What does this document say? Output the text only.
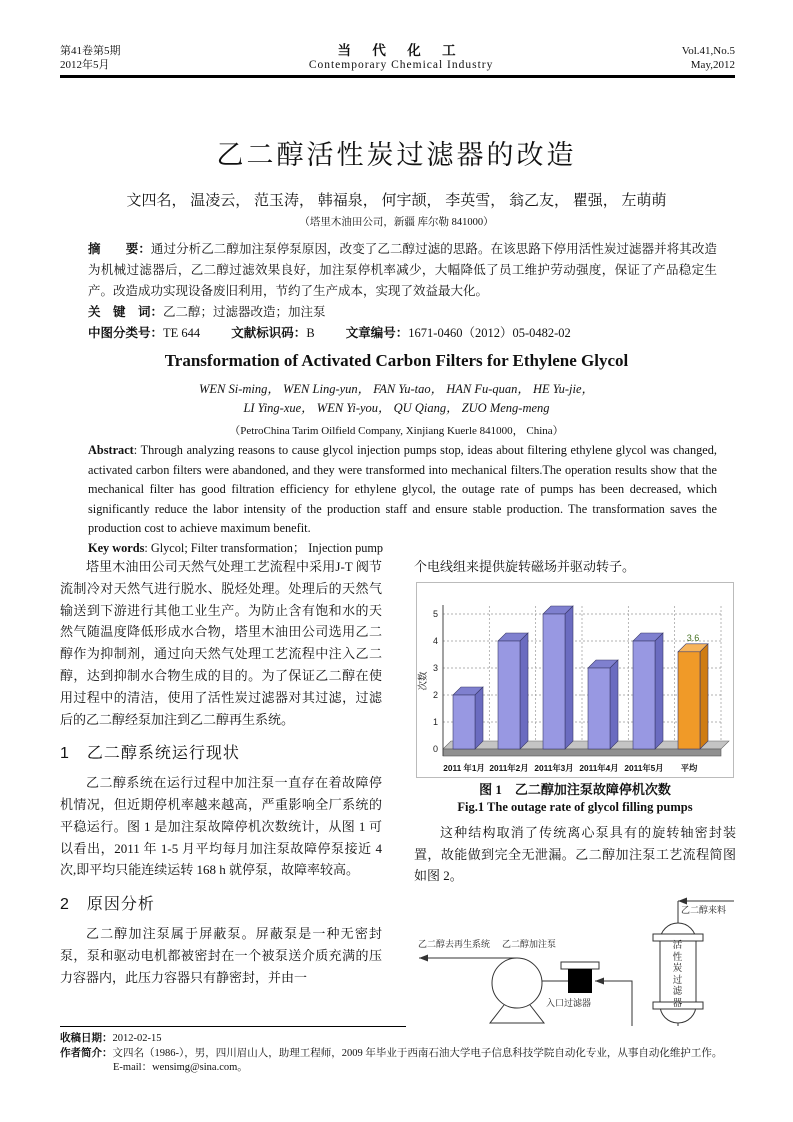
第41卷第5期
2012年5月
当 代 化 工
Contemporary Chemical Industry
Vol.41,No.5
May,2012
乙二醇活性炭过滤器的改造
文四名， 温凌云， 范玉涛， 韩福泉， 何宇颉， 李英雪， 翁乙友， 瞿强， 左萌萌
（塔里木油田公司，新疆 库尔勒 841000）

摘　　要：通过分析乙二醇加注泵停泵原因，改变了乙二醇过滤的思路。在该思路下停用活性炭过滤器并将其改造为机械过滤器后，乙二醇过滤效果良好，加注泵停机率减少，大幅降低了员工维护劳动强度，保证了产品稳定生产。改造成功实现设备废旧利用，节约了生产成本，实现了效益最大化。

关　键　词：乙二醇；过滤器改造；加注泵

中图分类号：TE 644 文献标识码：B 文章编号：1671-0460（2012）05-0482-02

Transformation of Activated Carbon Filters for Ethylene Glycol
WEN Si-ming， WEN Ling-yun， FAN Yu-tao， HAN Fu-quan， HE Yu-jie，
LI Ying-xue， WEN Yi-you， QU Qiang， ZUO Meng-meng
（PetroChina Tarim Oilfield Company, Xinjiang Kuerle 841000， China）

Abstract: Through analyzing reasons to cause glycol injection pumps stop, ideas about filtering ethylene glycol was changed, activated carbon filters were abandoned, and they were transformed into mechanical filters.The operation results show that the mechanical filter has good filtration efficiency for ethylene glycol, the outage rate of pumps has been decreased, which significantly reduce the labor intensity of the production staff and ensure stable production. The transformation saves the production cost to achieve maximum benefit.

Key words: Glycol; Filter transformation； Injection pump

塔里木油田公司天然气处理工艺流程中采用J-T 阀节流制冷对天然气进行脱水、脱烃处理。处理后的天然气输送到下游进行其他工业生产。为防止含有饱和水的天然气随温度降低形成水合物，塔里木油田公司选用乙二醇作为抑制剂，通过向天然气处理工艺流程中注入乙二醇，达到抑制水合物生成的目的。为了保证乙二醇在使用过程中的清洁，使用了活性炭过滤器对其过滤，过滤后的乙二醇经泵加注到乙二醇再生系统。

1　乙二醇系统运行现状

乙二醇系统在运行过程中加注泵一直存在着故障停机情况，但近期停机率越来越高，严重影响全厂系统的平稳运行。图 1 是加注泵故障停机次数统计，从图 1 可以看出，2011 年 1-5 月平均每月加注泵故障停泵接近 4 次,即平均只能连续运转 168 h 就停泵，故障率较高。

2　原因分析

乙二醇加注泵属于屏蔽泵。屏蔽泵是一种无密封泵，泵和驱动电机都被密封在一个被泵送介质充满的压力容器内，此压力容器只有静密封，并由一

个电线组来提供旋转磁场并驱动转子。

0
1
2
3
4
5
次数
3.6
2011 年1月 2011年2月 2011年3月 2011年4月 2011年5月 平均
图 1　乙二醇加注泵故障停机次数
Fig.1 The outage rate of glycol filling pumps

这种结构取消了传统离心泵具有的旋转轴密封装置，故能做到完全无泄漏。乙二醇加注泵工艺流程简图如图 2。

乙二醇来料
活性炭过滤器
入口过滤器
乙二醇加注泵
乙二醇去再生系统
收稿日期： 2012-02-15
作者简介： 文四名（1986-），男，四川眉山人，助理工程师，2009 年毕业于西南石油大学电子信息科技学院自动化专业，从事自动化维护工作。
E-mail：wensimg@sina.com。
